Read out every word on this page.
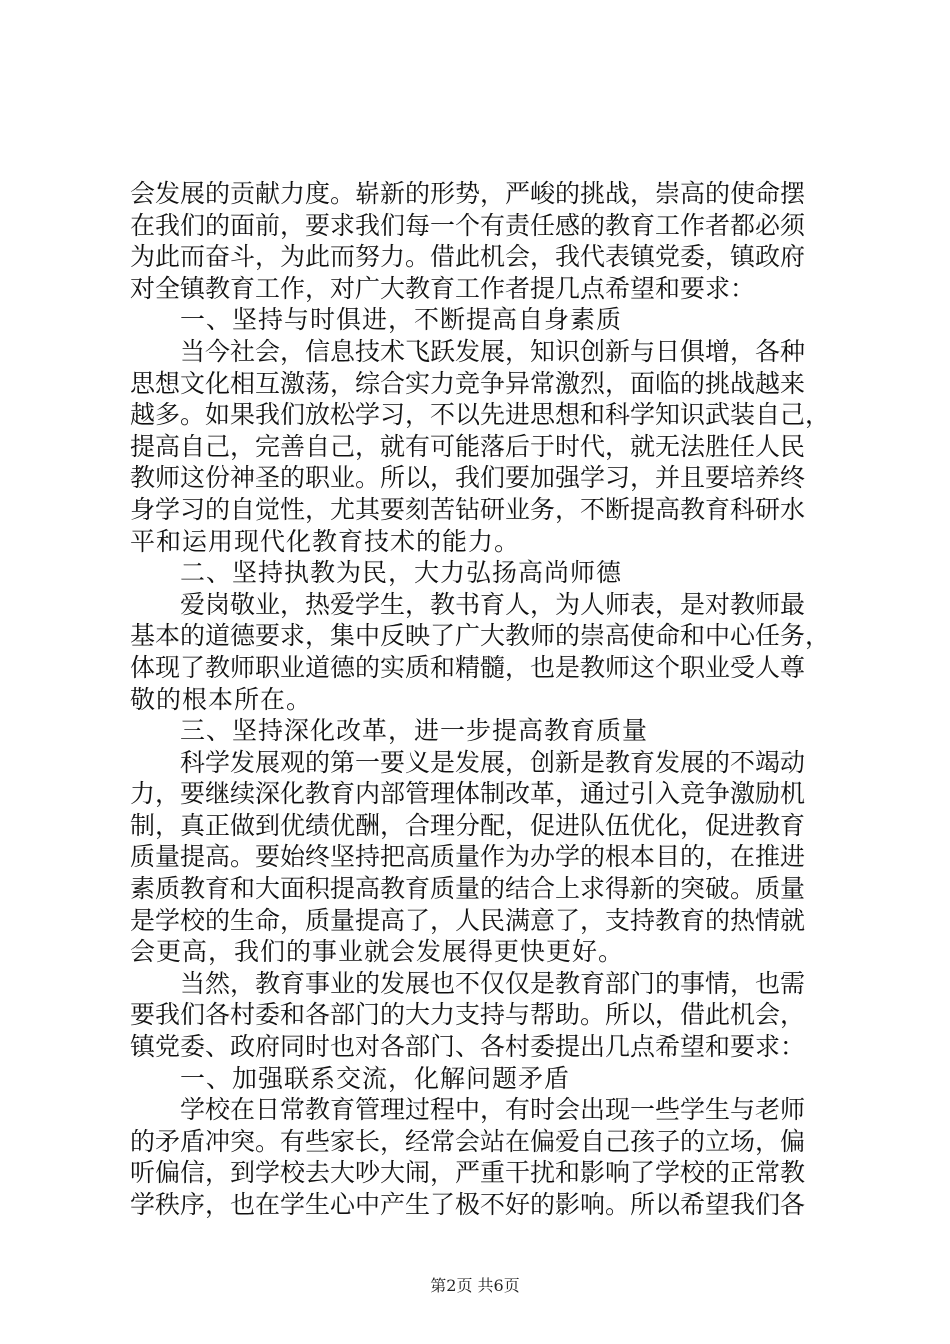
会发展的贡献力度。崭新的形势，严峻的挑战，崇高的使命摆
在我们的面前，要求我们每一个有责任感的教育工作者都必须
为此而奋斗，为此而努力。借此机会，我代表镇党委，镇政府
对全镇教育工作，对广大教育工作者提几点希望和要求：
一、坚持与时俱进，不断提高自身素质
当今社会，信息技术飞跃发展，知识创新与日俱增，各种
思想文化相互激荡，综合实力竞争异常激烈，面临的挑战越来
越多。如果我们放松学习，不以先进思想和科学知识武装自己，
提高自己，完善自己，就有可能落后于时代，就无法胜任人民
教师这份神圣的职业。所以，我们要加强学习，并且要培养终
身学习的自觉性，尤其要刻苦钻研业务，不断提高教育科研水
平和运用现代化教育技术的能力。
二、坚持执教为民，大力弘扬高尚师德
爱岗敬业，热爱学生，教书育人，为人师表，是对教师最
基本的道德要求，集中反映了广大教师的崇高使命和中心任务，
体现了教师职业道德的实质和精髓，也是教师这个职业受人尊
敬的根本所在。
三、坚持深化改革，进一步提高教育质量
科学发展观的第一要义是发展，创新是教育发展的不竭动
力，要继续深化教育内部管理体制改革，通过引入竞争激励机
制，真正做到优绩优酬，合理分配，促进队伍优化，促进教育
质量提高。要始终坚持把高质量作为办学的根本目的，在推进
素质教育和大面积提高教育质量的结合上求得新的突破。质量
是学校的生命，质量提高了，人民满意了，支持教育的热情就
会更高，我们的事业就会发展得更快更好。
当然，教育事业的发展也不仅仅是教育部门的事情，也需
要我们各村委和各部门的大力支持与帮助。所以，借此机会，
镇党委、政府同时也对各部门、各村委提出几点希望和要求：
一、加强联系交流，化解问题矛盾
学校在日常教育管理过程中，有时会出现一些学生与老师
的矛盾冲突。有些家长，经常会站在偏爱自己孩子的立场，偏
听偏信，到学校去大吵大闹，严重干扰和影响了学校的正常教
学秩序，也在学生心中产生了极不好的影响。所以希望我们各
第2页 共6页
